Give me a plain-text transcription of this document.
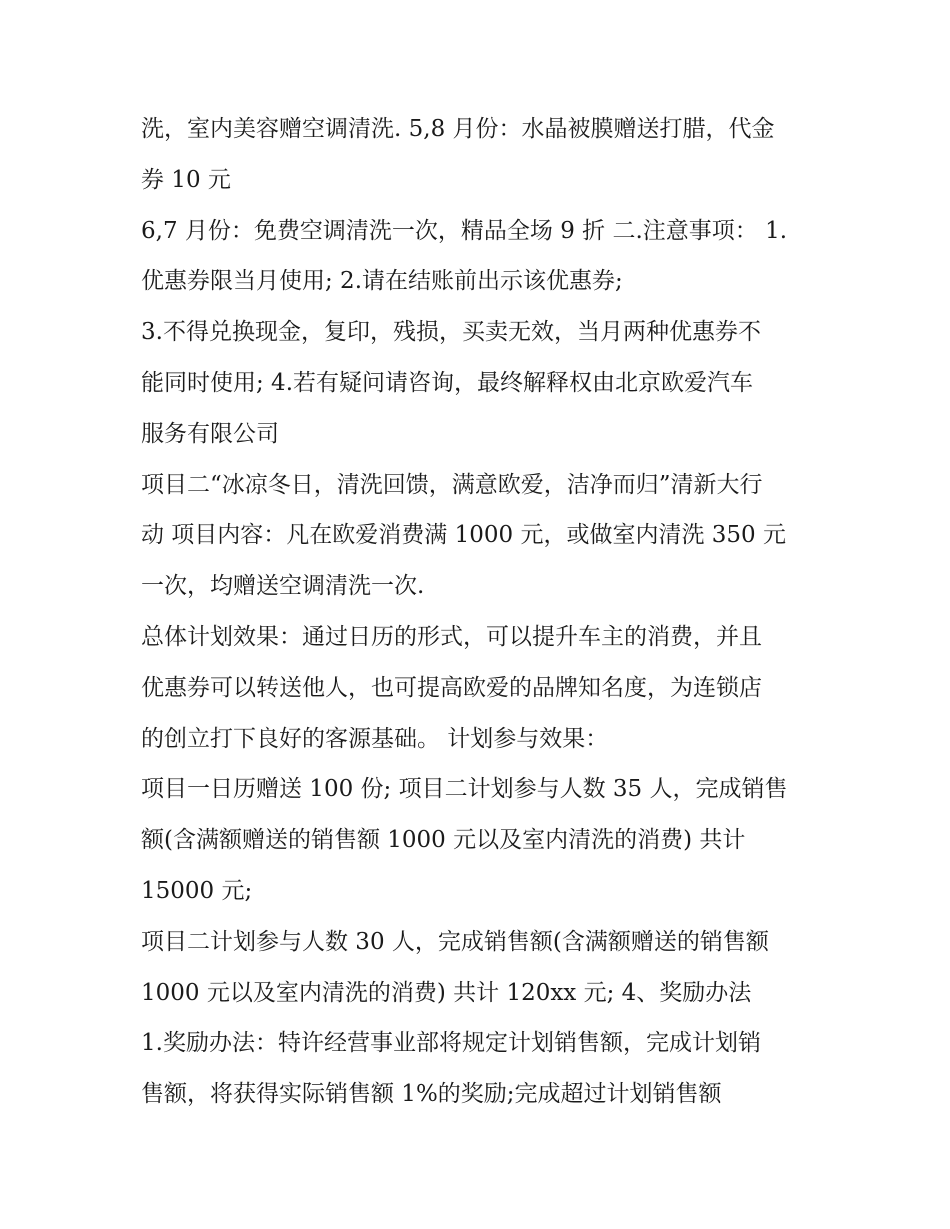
洗，室内美容赠空调清洗. 5,8 月份：水晶被膜赠送打腊，代金
券 10 元
6,7 月份：免费空调清洗一次，精品全场 9 折 二.注意事项： 1.
优惠券限当月使用; 2.请在结账前出示该优惠券;
3.不得兑换现金，复印，残损，买卖无效，当月两种优惠券不
能同时使用; 4.若有疑问请咨询，最终解释权由北京欧爱汽车
服务有限公司
项目二“冰凉冬日，清洗回馈，满意欧爱，洁净而归”清新大行
动 项目内容：凡在欧爱消费满 1000 元，或做室内清洗 350 元
一次，均赠送空调清洗一次.
总体计划效果：通过日历的形式，可以提升车主的消费，并且
优惠券可以转送他人，也可提高欧爱的品牌知名度，为连锁店
的创立打下良好的客源基础。 计划参与效果：
项目一日历赠送 100 份; 项目二计划参与人数 35 人，完成销售
额(含满额赠送的销售额 1000 元以及室内清洗的消费) 共计
15000 元;
项目二计划参与人数 30 人，完成销售额(含满额赠送的销售额
1000 元以及室内清洗的消费) 共计 120xx 元; 4、奖励办法
1.奖励办法：特许经营事业部将规定计划销售额，完成计划销
售额，将获得实际销售额 1%的奖励;完成超过计划销售额
